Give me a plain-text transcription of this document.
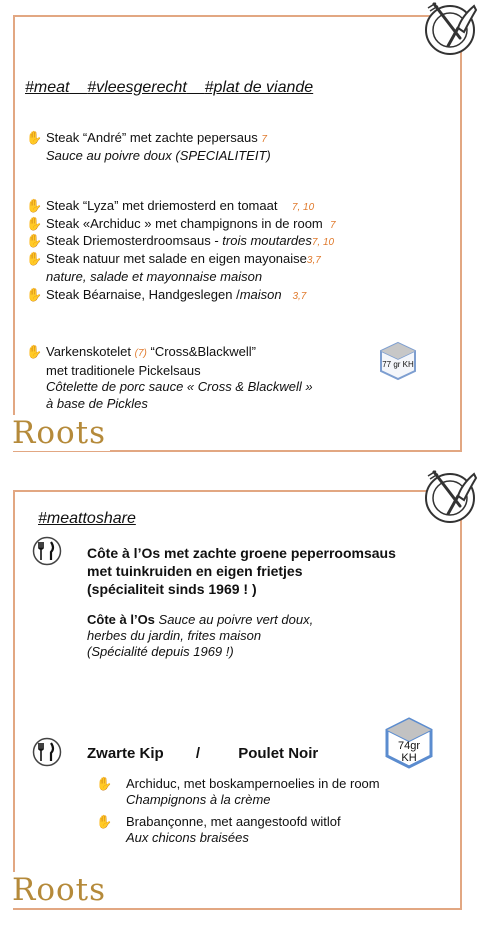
#meat #vleesgerecht #plat de viande
✋ Steak “André” met zachte pepersaus 7
Sauce au poivre doux (SPECIALITEIT)
✋ Steak “Lyza” met driemosterd en tomaat 7, 10
✋ Steak «Archiduc » met champignons in de room 7
✋ Steak Driemosterdroomsaus - trois moutardes7, 10
✋ Steak natuur met salade en eigen mayonaise3,7
nature, salade et mayonnaise maison
✋ Steak Béarnaise, Handgeslegen /maison 3,7
✋ Varkenskotelet (7) “Cross&Blackwell”
met traditionele Pickelsaus
Côtelette de porc sauce « Cross & Blackwell »
à base de Pickles
77 gr KH
Roots
#meattoshare
Côte à l’Os met zachte groene peperroomsaus
met tuinkruiden en eigen frietjes
(spécialiteit sinds 1969 ! )
Côte à l’Os Sauce au poivre vert doux,
herbes du jardin, frites maison
(Spécialité depuis 1969 !)
Zwarte Kip /	Poulet Noir	74gr KH
✋ Archiduc, met boskampernoelies in de room
Champignons à la crème
✋ Brabançonne, met aangestoofd witlof
Aux chicons braisées
Roots
